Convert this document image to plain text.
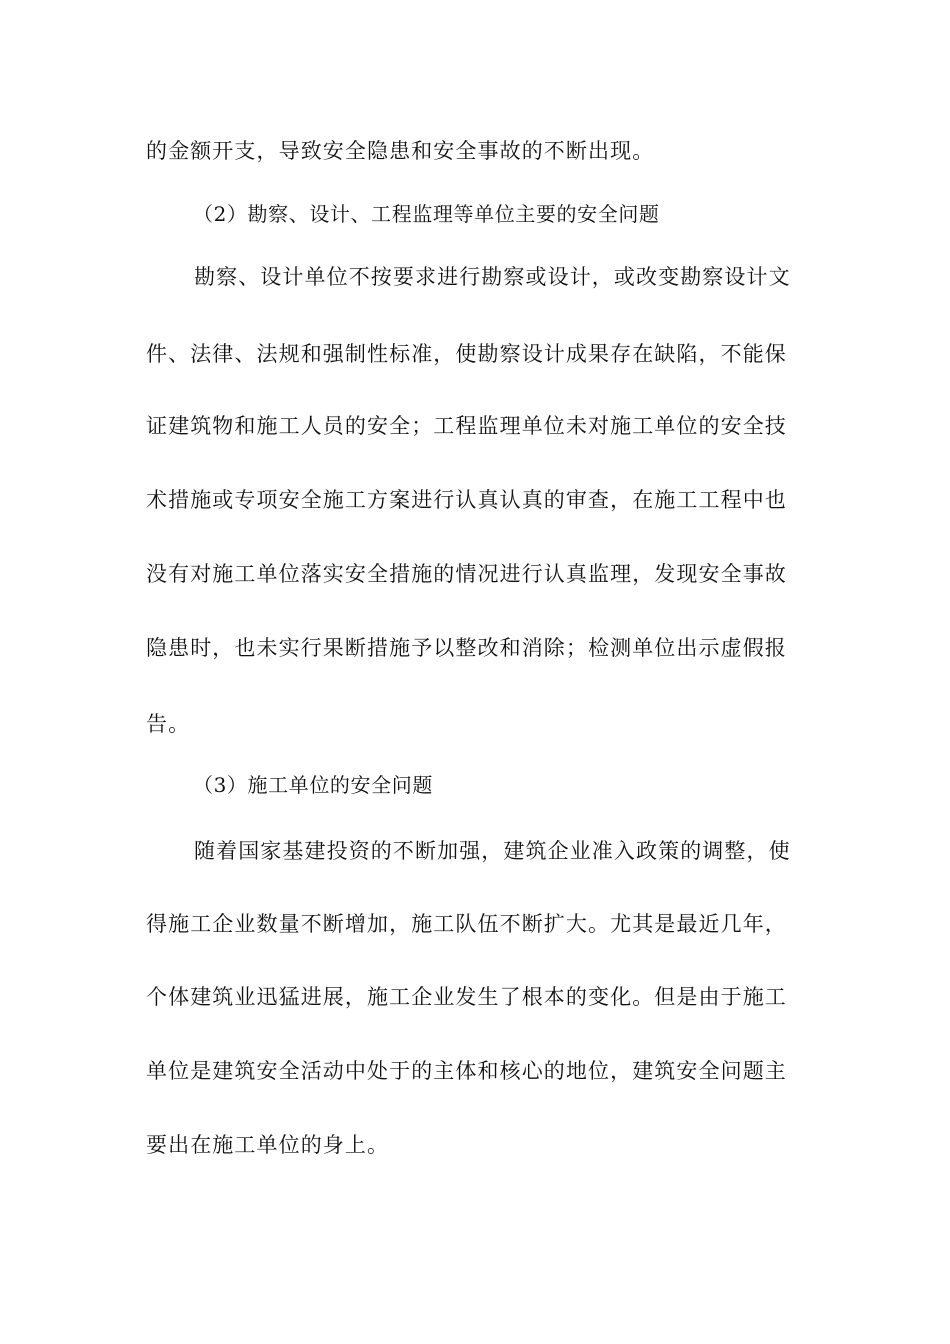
的金额开支，导致安全隐患和安全事故的不断出现。
（2）勘察、设计、工程监理等单位主要的安全问题
勘察、设计单位不按要求进行勘察或设计，或改变勘察设计文
件、法律、法规和强制性标准，使勘察设计成果存在缺陷，不能保
证建筑物和施工人员的安全；工程监理单位未对施工单位的安全技
术措施或专项安全施工方案进行认真认真的审查，在施工工程中也
没有对施工单位落实安全措施的情况进行认真监理，发现安全事故
隐患时，也未实行果断措施予以整改和消除；检测单位出示虚假报
告。
（3）施工单位的安全问题
随着国家基建投资的不断加强，建筑企业准入政策的调整，使
得施工企业数量不断增加，施工队伍不断扩大。尤其是最近几年，
个体建筑业迅猛进展，施工企业发生了根本的变化。但是由于施工
单位是建筑安全活动中处于的主体和核心的地位，建筑安全问题主
要出在施工单位的身上。
